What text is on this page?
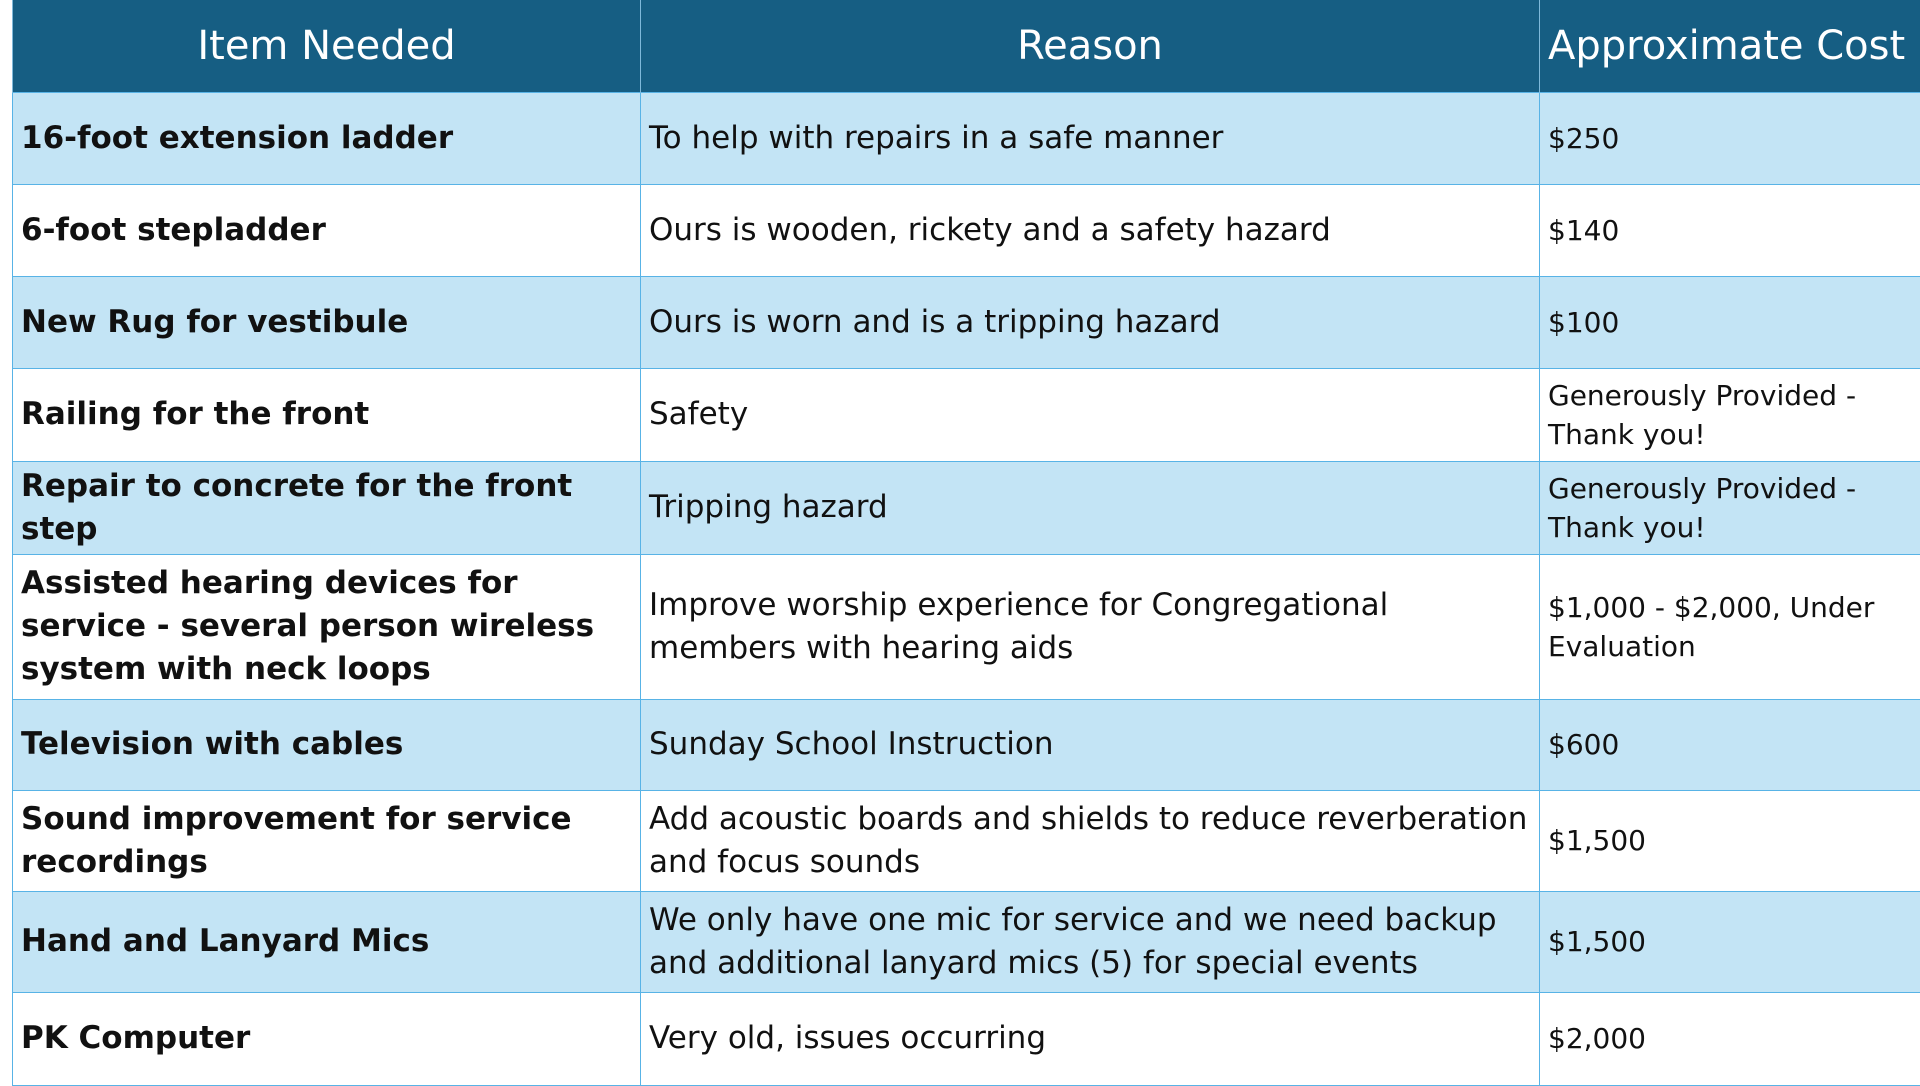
Item Needed	Reason	Approximate Cost
16-foot extension ladder	To help with repairs in a safe manner	$250
6-foot stepladder	Ours is wooden, rickety and a safety hazard	$140
New Rug for vestibule	Ours is worn and is a tripping hazard	$100
Railing for the front	Safety	Generously Provided - Thank you!
Repair to concrete for the front step	Tripping hazard	Generously Provided - Thank you!
Assisted hearing devices for service - several person wireless system with neck loops	Improve worship experience for Congregational members with hearing aids	$1,000 - $2,000, Under Evaluation
Television with cables	Sunday School Instruction	$600
Sound improvement for service recordings	Add acoustic boards and shields to reduce reverberation and focus sounds	$1,500
Hand and Lanyard Mics	We only have one mic for service and we need backup and additional lanyard mics (5) for special events	$1,500
PK Computer	Very old, issues occurring	$2,000
